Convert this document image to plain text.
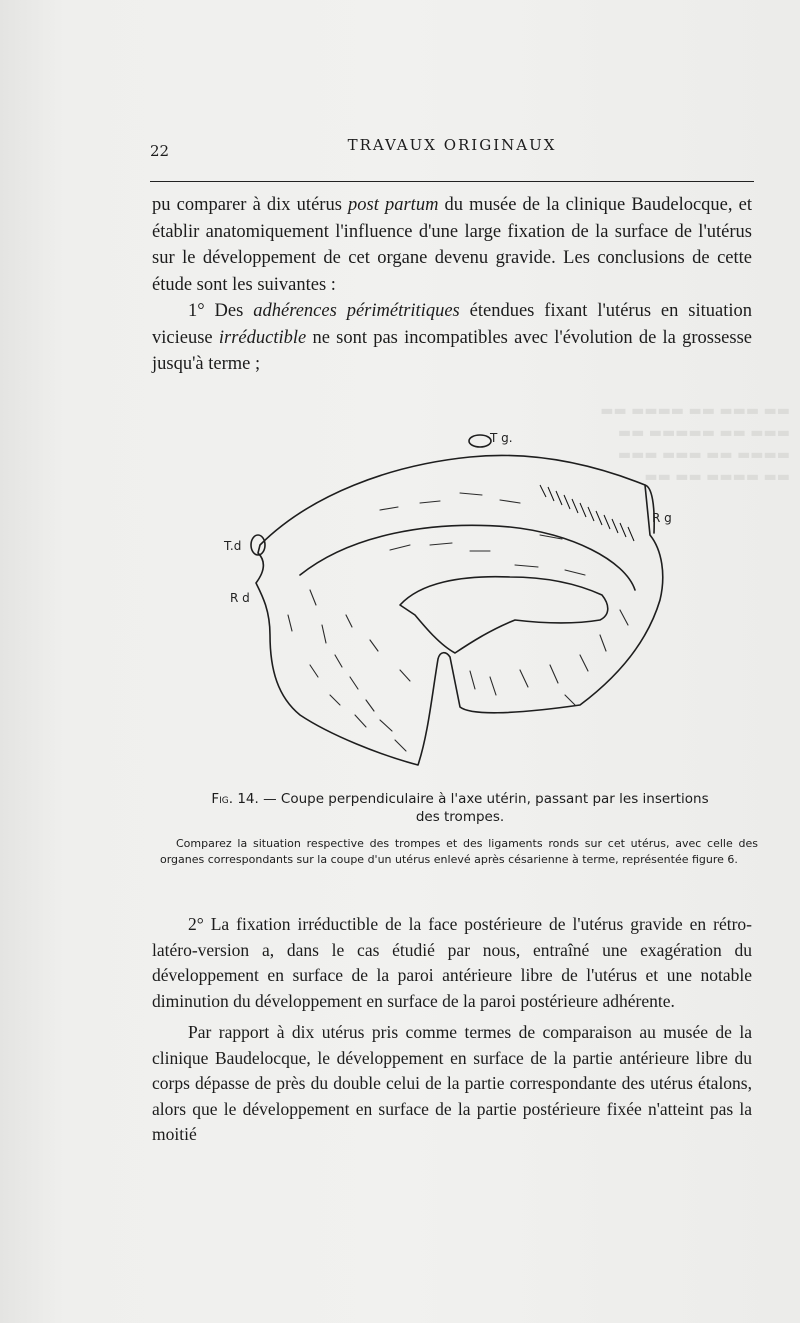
▬▬ ▬▬▬ ▬▬ ▬▬▬▬ ▬▬
▬▬▬ ▬▬ ▬▬▬▬▬ ▬▬
▬▬▬▬ ▬▬ ▬▬▬ ▬▬▬
▬▬ ▬▬▬▬ ▬▬ ▬▬
22	TRAVAUX ORIGINAUX

pu comparer à dix utérus post partum du musée de la clinique Baudelocque, et établir anatomiquement l'influence d'une large fixation de la surface de l'utérus sur le développement de cet organe devenu gravide. Les conclusions de cette étude sont les suivantes :

1° Des adhérences périmétritiques étendues fixant l'utérus en situation vicieuse irréductible ne sont pas incompatibles avec l'évolution de la grossesse jusqu'à terme ;

T g.
R g
T.d
R d
Fig. 14. — Coupe perpendiculaire à l'axe utérin, passant par les insertions des trompes.
Comparez la situation respective des trompes et des ligaments ronds sur cet utérus, avec celle des organes correspondants sur la coupe d'un utérus enlevé après césarienne à terme, représentée figure 6.

2° La fixation irréductible de la face postérieure de l'utérus gravide en rétro-latéro-version a, dans le cas étudié par nous, entraîné une exagération du développement en surface de la paroi antérieure libre de l'utérus et une notable diminution du développement en surface de la paroi postérieure adhérente.

Par rapport à dix utérus pris comme termes de comparaison au musée de la clinique Baudelocque, le développement en surface de la partie antérieure libre du corps dépasse de près du double celui de la partie correspondante des utérus étalons, alors que le développement en surface de la partie postérieure fixée n'atteint pas la moitié
